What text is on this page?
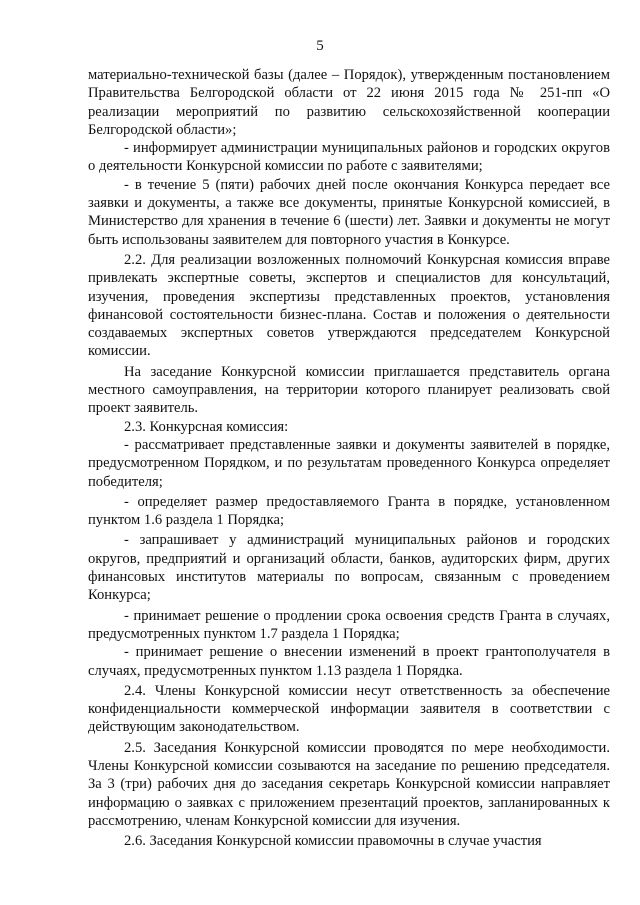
5

материально-технической базы (далее – Порядок), утвержденным постановлением Правительства Белгородской области от 22 июня 2015 года № 251-пп «О реализации мероприятий по развитию сельскохозяйственной кооперации Белгородской области»;

- информирует администрации муниципальных районов и городских округов о деятельности Конкурсной комиссии по работе с заявителями;

- в течение 5 (пяти) рабочих дней после окончания Конкурса передает все заявки и документы, а также все документы, принятые Конкурсной комиссией, в Министерство для хранения в течение 6 (шести) лет. Заявки и документы не могут быть использованы заявителем для повторного участия в Конкурсе.

2.2. Для реализации возложенных полномочий Конкурсная комиссия вправе привлекать экспертные советы, экспертов и специалистов для консультаций, изучения, проведения экспертизы представленных проектов, установления финансовой состоятельности бизнес-плана. Состав и положения о деятельности создаваемых экспертных советов утверждаются председателем Конкурсной комиссии.

На заседание Конкурсной комиссии приглашается представитель органа местного самоуправления, на территории которого планирует реализовать свой проект заявитель.

2.3. Конкурсная комиссия:

- рассматривает представленные заявки и документы заявителей в порядке, предусмотренном Порядком, и по результатам проведенного Конкурса определяет победителя;

- определяет размер предоставляемого Гранта в порядке, установленном пунктом 1.6 раздела 1 Порядка;

- запрашивает у администраций муниципальных районов и городских округов, предприятий и организаций области, банков, аудиторских фирм, других финансовых институтов материалы по вопросам, связанным с проведением Конкурса;

- принимает решение о продлении срока освоения средств Гранта в случаях, предусмотренных пунктом 1.7 раздела 1 Порядка;

- принимает решение о внесении изменений в проект грантополучателя в случаях, предусмотренных пунктом 1.13 раздела 1 Порядка.

2.4. Члены Конкурсной комиссии несут ответственность за обеспечение конфиденциальности коммерческой информации заявителя в соответствии с действующим законодательством.

2.5. Заседания Конкурсной комиссии проводятся по мере необходимости. Члены Конкурсной комиссии созываются на заседание по решению председателя. За 3 (три) рабочих дня до заседания секретарь Конкурсной комиссии направляет информацию о заявках с приложением презентаций проектов, запланированных к рассмотрению, членам Конкурсной комиссии для изучения.

2.6. Заседания Конкурсной комиссии правомочны в случае участия
